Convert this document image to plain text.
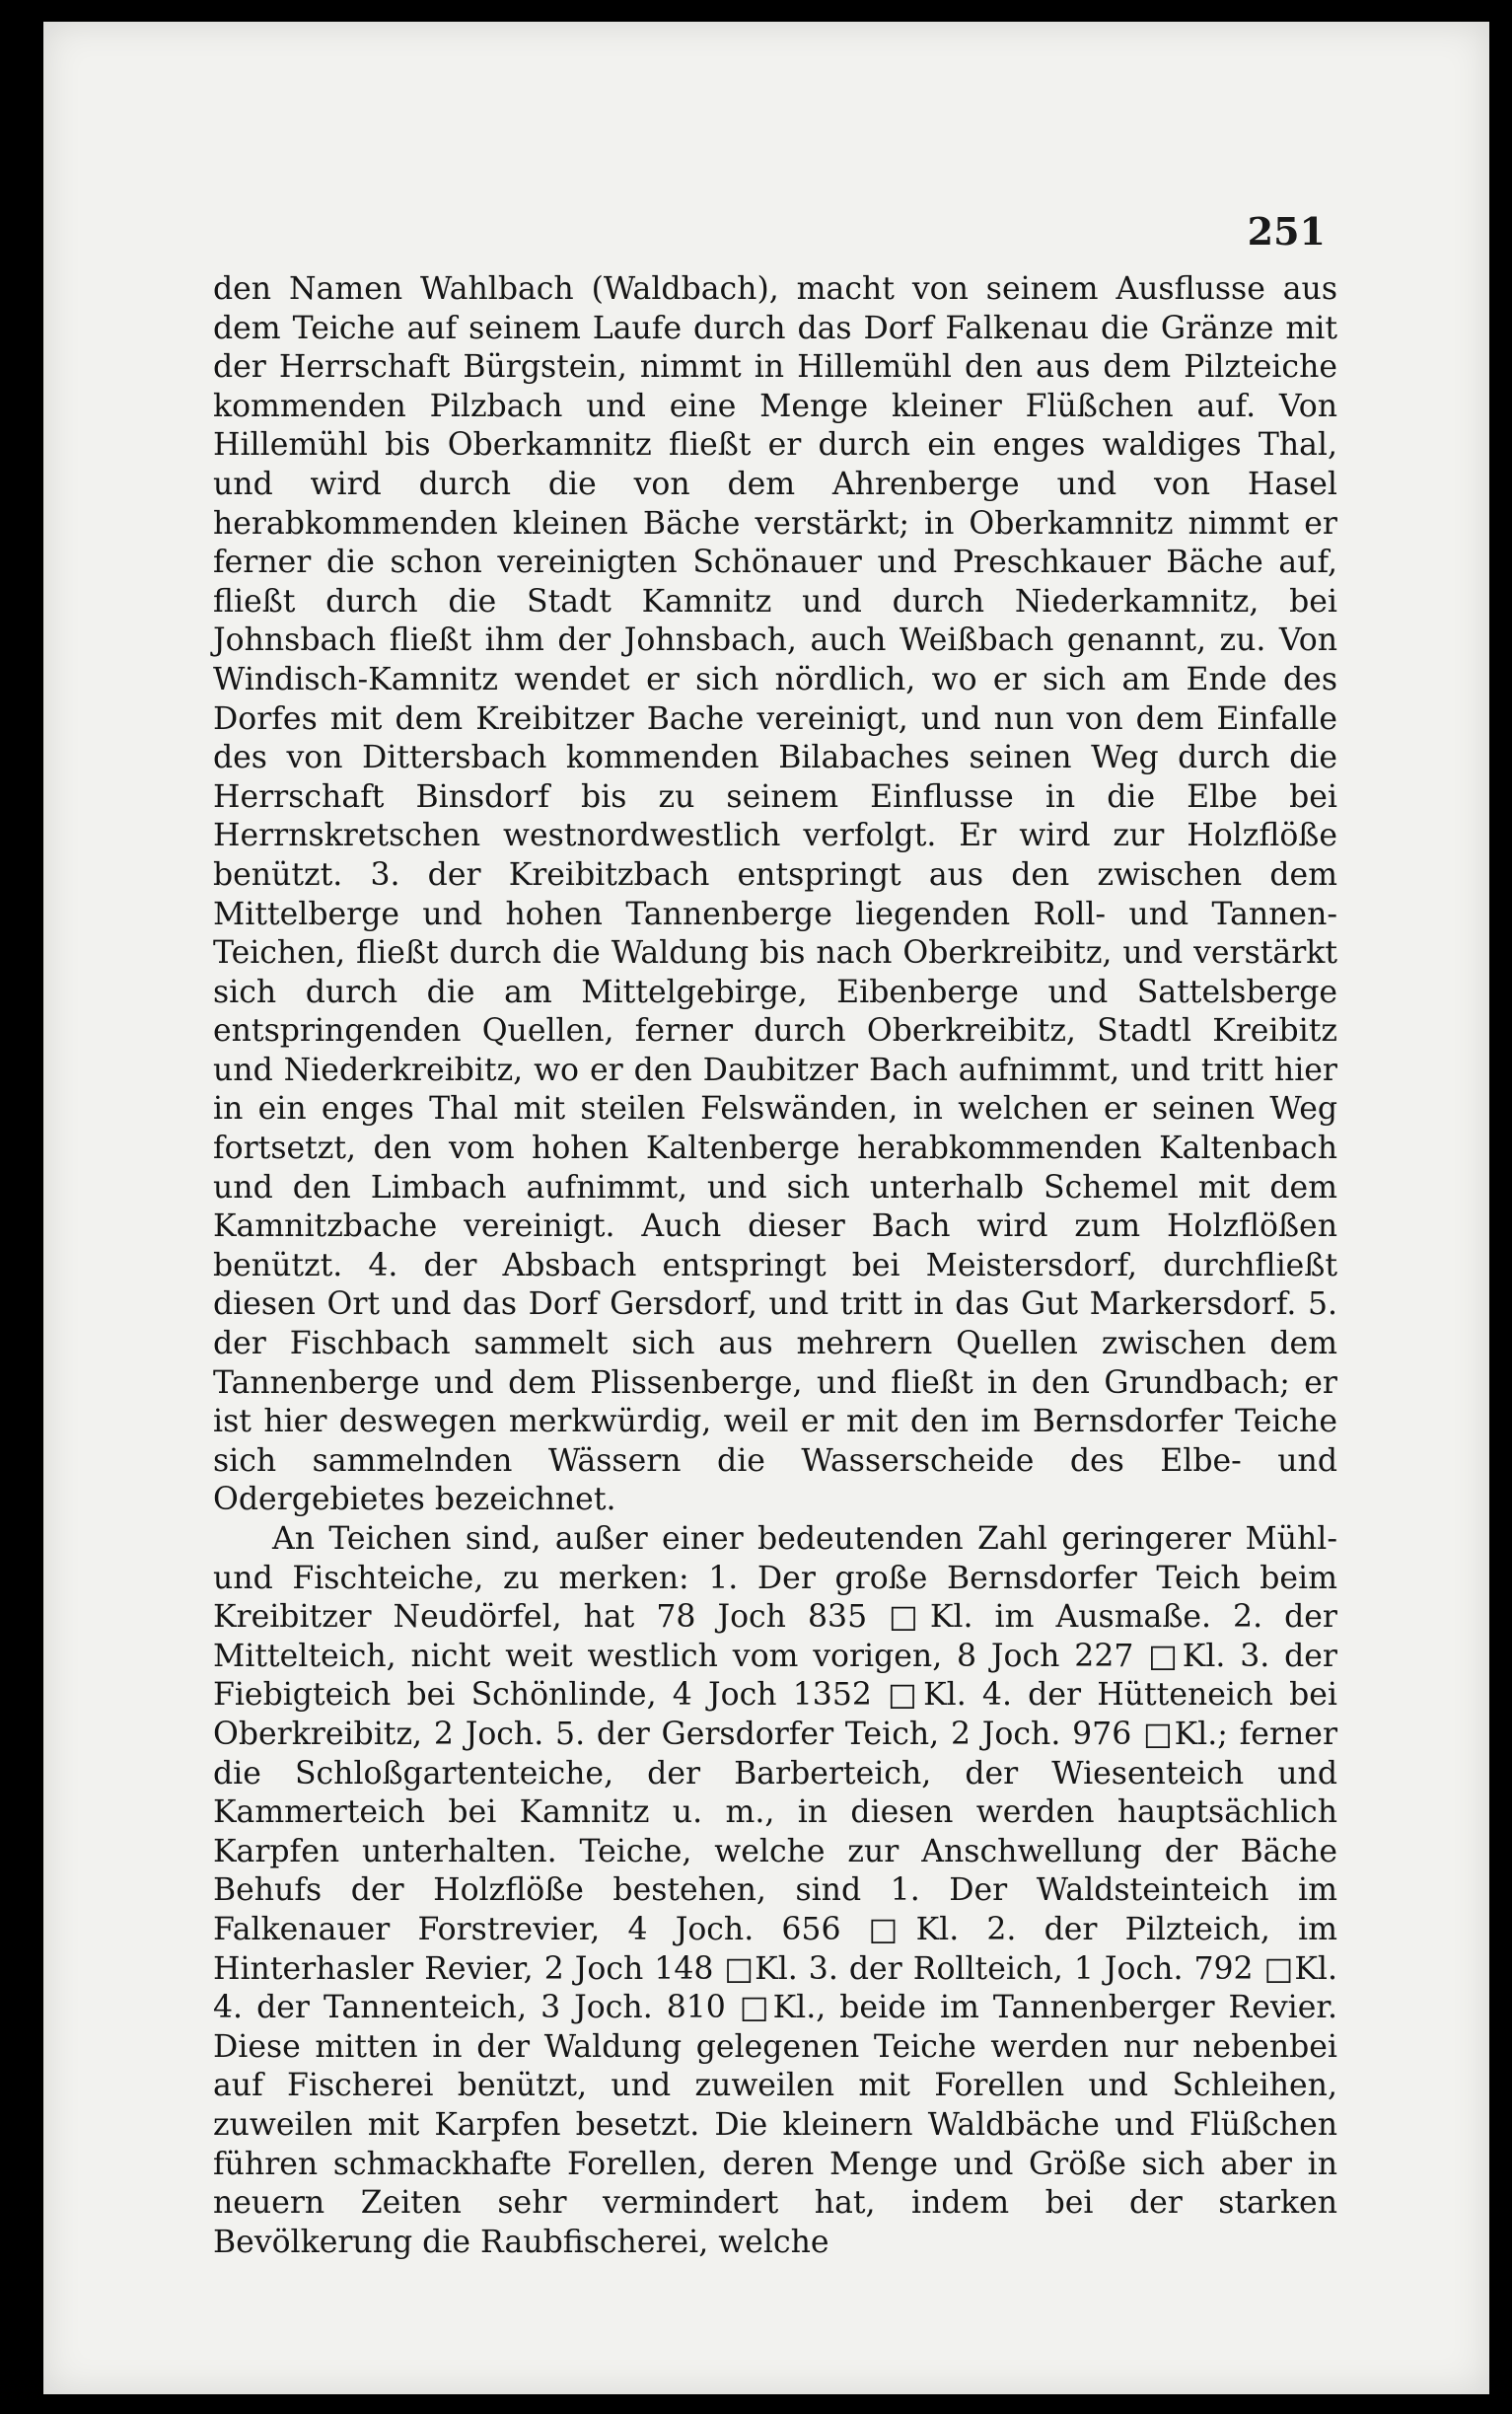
251

den Namen Wahlbach (Waldbach), macht von seinem Ausflusse aus dem Teiche auf seinem Laufe durch das Dorf Falkenau die Gränze mit der Herrschaft Bürgstein, nimmt in Hillemühl den aus dem Pilzteiche kommenden Pilzbach und eine Menge kleiner Flüßchen auf. Von Hillemühl bis Oberkamnitz fließt er durch ein enges waldiges Thal, und wird durch die von dem Ahrenberge und von Hasel herabkommenden kleinen Bäche verstärkt; in Oberkamnitz nimmt er ferner die schon vereinigten Schönauer und Preschkauer Bäche auf, fließt durch die Stadt Kamnitz und durch Niederkamnitz, bei Johnsbach fließt ihm der Johnsbach, auch Weißbach genannt, zu. Von Windisch-Kamnitz wendet er sich nördlich, wo er sich am Ende des Dorfes mit dem Kreibitzer Bache vereinigt, und nun von dem Einfalle des von Dittersbach kommenden Bilabaches seinen Weg durch die Herrschaft Binsdorf bis zu seinem Einflusse in die Elbe bei Herrnskretschen westnordwestlich verfolgt. Er wird zur Holzflöße benützt. 3. der Kreibitzbach entspringt aus den zwischen dem Mittelberge und hohen Tannenberge liegenden Roll- und Tannen-Teichen, fließt durch die Waldung bis nach Oberkreibitz, und verstärkt sich durch die am Mittelgebirge, Eibenberge und Sattelsberge entspringenden Quellen, ferner durch Oberkreibitz, Stadtl Kreibitz und Niederkreibitz, wo er den Daubitzer Bach aufnimmt, und tritt hier in ein enges Thal mit steilen Felswänden, in welchen er seinen Weg fortsetzt, den vom hohen Kaltenberge herabkommenden Kaltenbach und den Limbach aufnimmt, und sich unterhalb Schemel mit dem Kamnitzbache vereinigt. Auch dieser Bach wird zum Holzflößen benützt. 4. der Absbach entspringt bei Meistersdorf, durchfließt diesen Ort und das Dorf Gersdorf, und tritt in das Gut Markersdorf. 5. der Fischbach sammelt sich aus mehrern Quellen zwischen dem Tannenberge und dem Plissenberge, und fließt in den Grundbach; er ist hier deswegen merkwürdig, weil er mit den im Bernsdorfer Teiche sich sammelnden Wässern die Wasserscheide des Elbe- und Odergebietes bezeichnet.

An Teichen sind, außer einer bedeutenden Zahl geringerer Mühl- und Fischteiche, zu merken: 1. Der große Bernsdorfer Teich beim Kreibitzer Neudörfel, hat 78 Joch 835 □Kl. im Ausmaße. 2. der Mittelteich, nicht weit westlich vom vorigen, 8 Joch 227 □Kl. 3. der Fiebigteich bei Schönlinde, 4 Joch 1352 □Kl. 4. der Hütteneich bei Oberkreibitz, 2 Joch. 5. der Gersdorfer Teich, 2 Joch. 976 □Kl.; ferner die Schloßgartenteiche, der Barberteich, der Wiesenteich und Kammerteich bei Kamnitz u. m., in diesen werden hauptsächlich Karpfen unterhalten. Teiche, welche zur Anschwellung der Bäche Behufs der Holzflöße bestehen, sind 1. Der Waldsteinteich im Falkenauer Forstrevier, 4 Joch. 656 □Kl. 2. der Pilzteich, im Hinterhasler Revier, 2 Joch 148 □Kl. 3. der Rollteich, 1 Joch. 792 □Kl. 4. der Tannenteich, 3 Joch. 810 □Kl., beide im Tannenberger Revier. Diese mitten in der Waldung gelegenen Teiche werden nur nebenbei auf Fischerei benützt, und zuweilen mit Forellen und Schleihen, zuweilen mit Karpfen besetzt. Die kleinern Waldbäche und Flüßchen führen schmackhafte Forellen, deren Menge und Größe sich aber in neuern Zeiten sehr vermindert hat, indem bei der starken Bevölkerung die Raubfischerei, welche
